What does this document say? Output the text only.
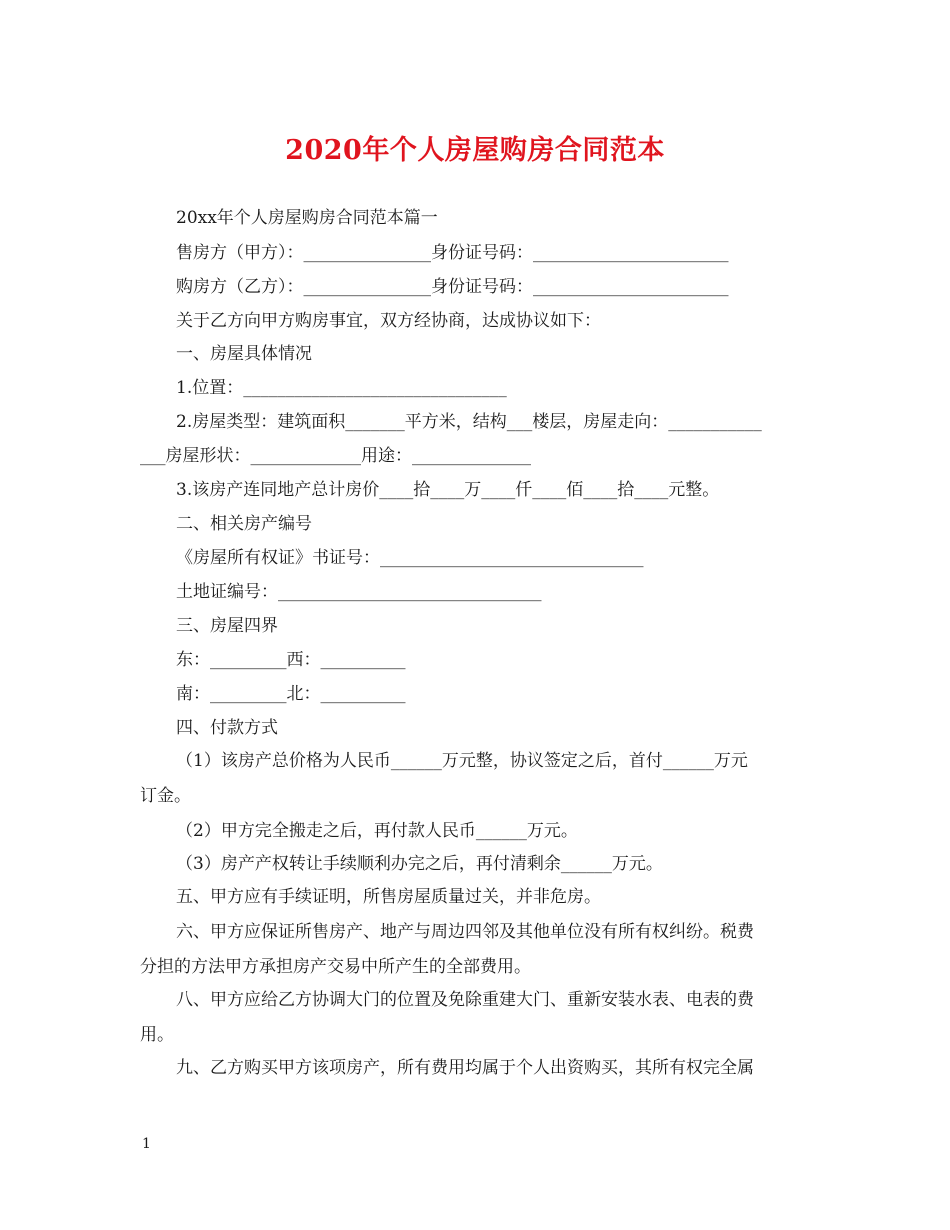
2020年个人房屋购房合同范本
20xx年个人房屋购房合同范本篇一
售房方（甲方）：_______________身份证号码：_______________________
购房方（乙方）：_______________身份证号码：_______________________
关于乙方向甲方购房事宜，双方经协商，达成协议如下：
一、房屋具体情况
1.位置：_______________________________
2.房屋类型：建筑面积_______平方米，结构___楼层，房屋走向：___________
___房屋形状：_____________用途：______________
3.该房产连同地产总计房价____拾____万____仟____佰____拾____元整。
二、相关房产编号
《房屋所有权证》书证号：_______________________________
土地证编号：_______________________________
三、房屋四界
东：_________西：__________
南：_________北：__________
四、付款方式
（1）该房产总价格为人民币______万元整，协议签定之后，首付______万元
订金。
（2）甲方完全搬走之后，再付款人民币______万元。
（3）房产产权转让手续顺利办完之后，再付清剩余______万元。
五、甲方应有手续证明，所售房屋质量过关，并非危房。
六、甲方应保证所售房产、地产与周边四邻及其他单位没有所有权纠纷。税费
分担的方法甲方承担房产交易中所产生的全部费用。
八、甲方应给乙方协调大门的位置及免除重建大门、重新安装水表、电表的费
用。
九、乙方购买甲方该项房产，所有费用均属于个人出资购买，其所有权完全属
1
